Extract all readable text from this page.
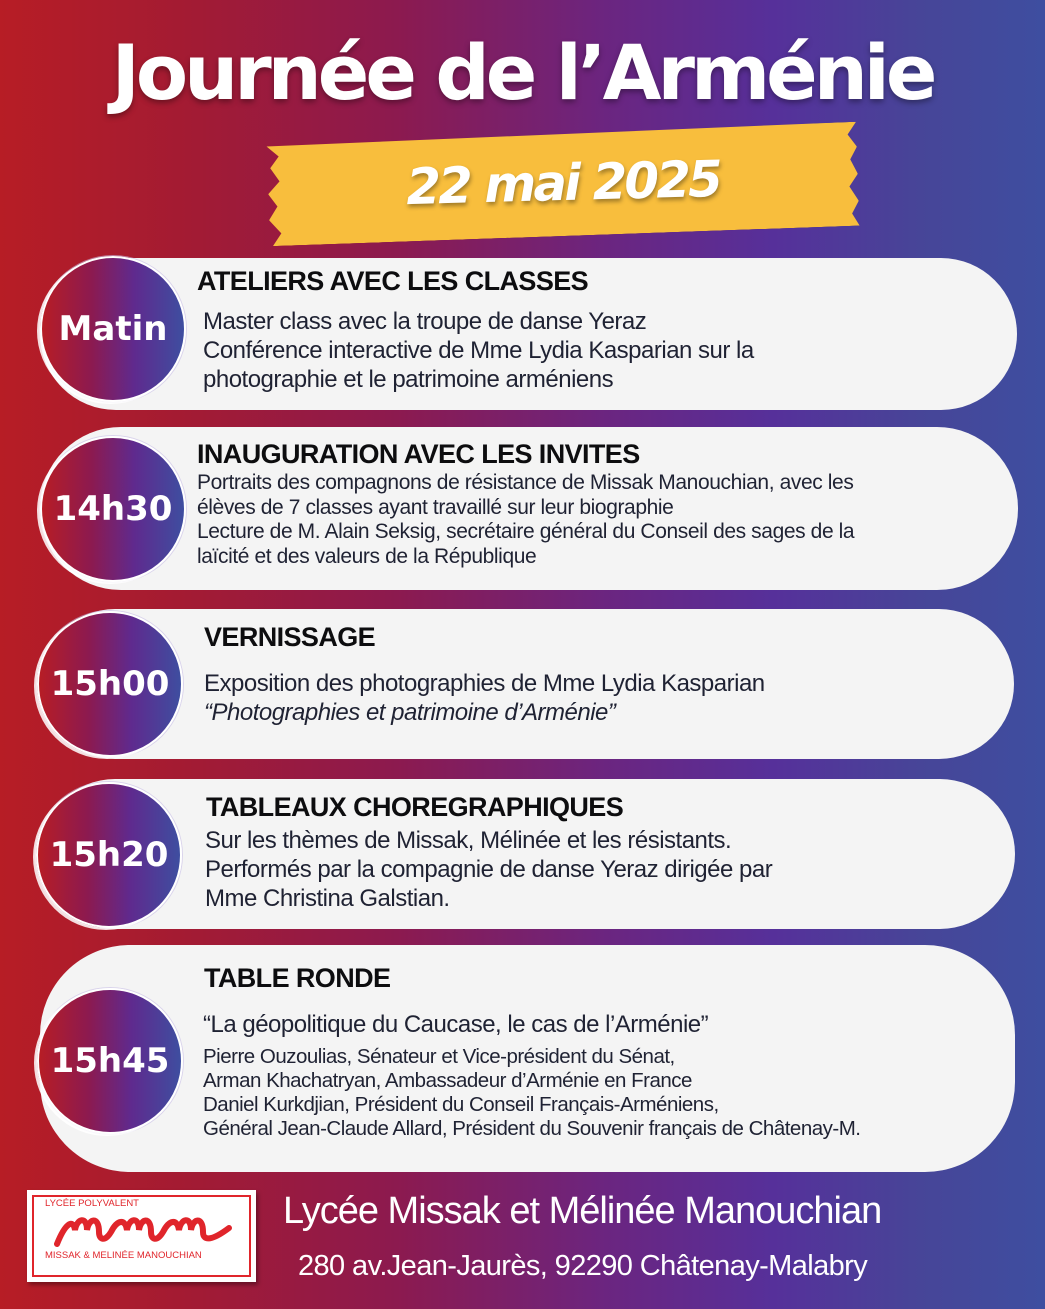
Journée de l’Arménie
22 mai 2025
Matin
ATELIERS AVEC LES CLASSES
Master class avec la troupe de danse Yeraz
Conférence interactive de Mme Lydia Kasparian sur la
photographie et le patrimoine arméniens
14h30
INAUGURATION AVEC LES INVITES
Portraits des compagnons de résistance de Missak Manouchian, avec les
élèves de 7 classes ayant travaillé sur leur biographie
Lecture de M. Alain Seksig, secrétaire général du Conseil des sages de la
laïcité et des valeurs de la République
15h00
VERNISSAGE
Exposition des photographies de Mme Lydia Kasparian
“Photographies et patrimoine d’Arménie”
15h20
TABLEAUX CHOREGRAPHIQUES
Sur les thèmes de Missak, Mélinée et les résistants.
Performés par la compagnie de danse Yeraz dirigée par
Mme Christina Galstian.
15h45
TABLE RONDE
“La géopolitique du Caucase, le cas de l’Arménie”
Pierre Ouzoulias, Sénateur et Vice-président du Sénat,
Arman Khachatryan, Ambassadeur d’Arménie en France
Daniel Kurkdjian, Président du Conseil Français-Arméniens,
Général Jean-Claude Allard, Président du Souvenir français de Châtenay-M.
LYCÉE POLYVALENT
MISSAK & MELINÉE MANOUCHIAN
Lycée Missak et Mélinée Manouchian
280 av.Jean-Jaurès, 92290 Châtenay-Malabry
